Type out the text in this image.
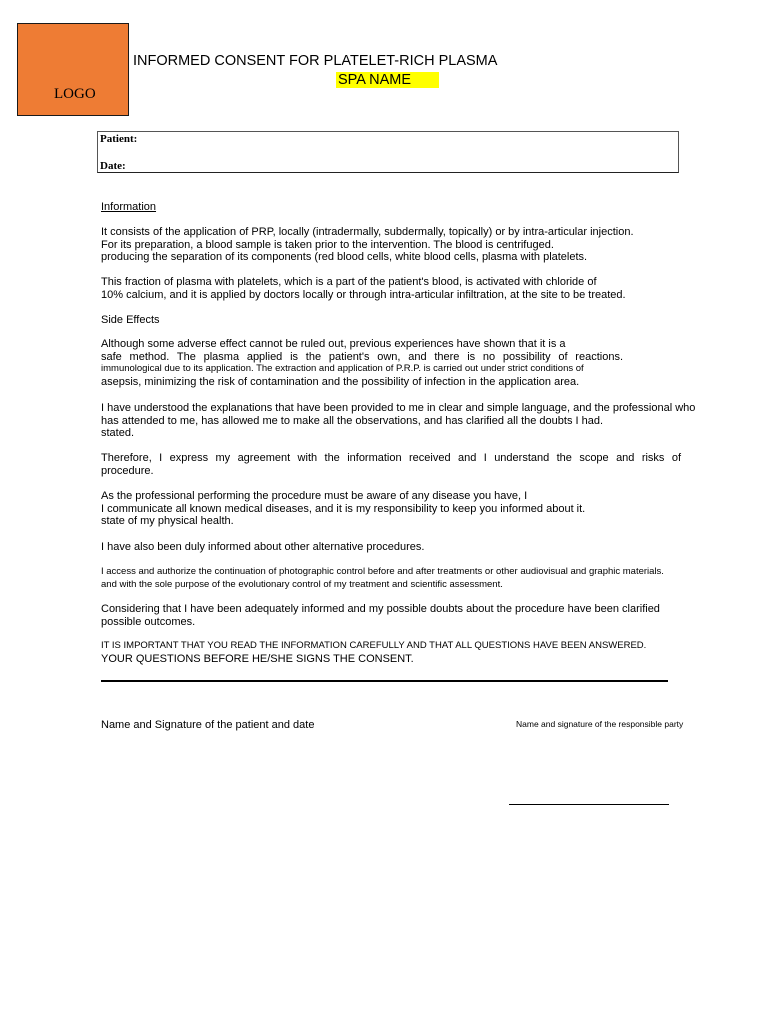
LOGO
INFORMED CONSENT FOR PLATELET-RICH PLASMA
SPA NAME
Patient:
Date:
Information
It consists of the application of PRP, locally (intradermally, subdermally, topically) or by intra-articular injection.
For its preparation, a blood sample is taken prior to the intervention. The blood is centrifuged.
producing the separation of its components (red blood cells, white blood cells, plasma with platelets.
This fraction of plasma with platelets, which is a part of the patient's blood, is activated with chloride of
10% calcium, and it is applied by doctors locally or through intra-articular infiltration, at the site to be treated.
Side Effects
Although some adverse effect cannot be ruled out, previous experiences have shown that it is a
safe method. The plasma applied is the patient's own, and there is no possibility of reactions.
immunological due to its application. The extraction and application of P.R.P. is carried out under strict conditions of
asepsis, minimizing the risk of contamination and the possibility of infection in the application area.
I have understood the explanations that have been provided to me in clear and simple language, and the professional who
has attended to me, has allowed me to make all the observations, and has clarified all the doubts I had.
stated.
Therefore, I express my agreement with the information received and I understand the scope and risks of
procedure.
As the professional performing the procedure must be aware of any disease you have, I
I communicate all known medical diseases, and it is my responsibility to keep you informed about it.
state of my physical health.
I have also been duly informed about other alternative procedures.
I access and authorize the continuation of photographic control before and after treatments or other audiovisual and graphic materials.
and with the sole purpose of the evolutionary control of my treatment and scientific assessment.
Considering that I have been adequately informed and my possible doubts about the procedure have been clarified
possible outcomes.
IT IS IMPORTANT THAT YOU READ THE INFORMATION CAREFULLY AND THAT ALL QUESTIONS HAVE BEEN ANSWERED.
YOUR QUESTIONS BEFORE HE/SHE SIGNS THE CONSENT.
Name and Signature of the patient and date	Name and signature of the responsible party
